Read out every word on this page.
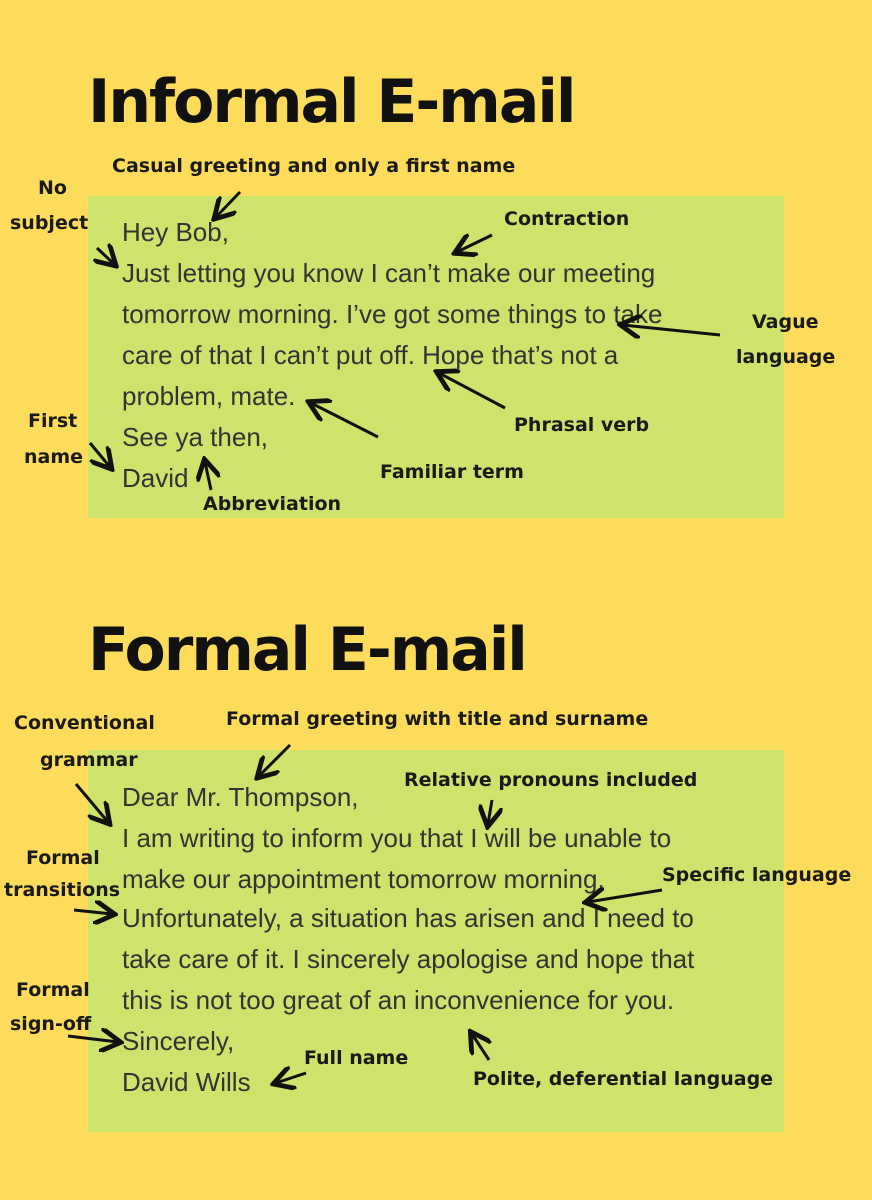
Informal E-mail

Hey Bob,

Just letting you know I can’t make our meeting

tomorrow morning. I’ve got some things to take

care of that I can’t put off. Hope that’s not a

problem, mate.

See ya then,

David

Casual greeting and only a first name

No

subject	Contraction

Vague

language

Phrasal verb

First

name

Familiar term

Abbreviation

Formal E-mail

Dear Mr. Thompson,

I am writing to inform you that I will be unable to

make our appointment tomorrow morning.

Unfortunately, a situation has arisen and I need to

take care of it. I sincerely apologise and hope that

this is not too great of an inconvenience for you.

Sincerely,

David Wills

Conventional

grammar

Formal greeting with title and surname

Relative pronouns included

Formal

transitions

Specific language

Formal

sign-off

Full name

Polite, deferential language
